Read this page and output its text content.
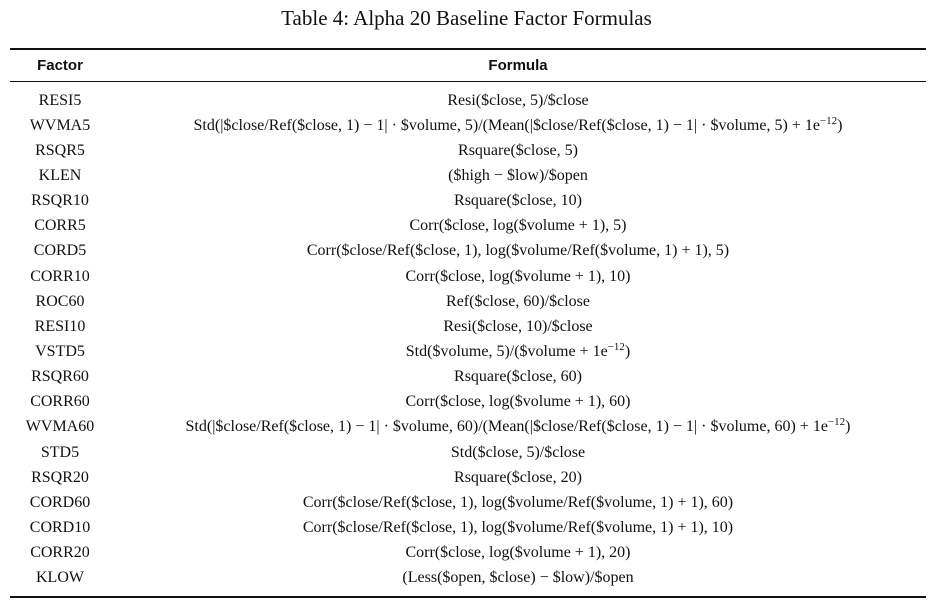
Table 4: Alpha 20 Baseline Factor Formulas
Factor	Formula
RESI5	Resi($close, 5)/$close
WVMA5	Std(|$close/Ref($close, 1) − 1| · $volume, 5)/(Mean(|$close/Ref($close, 1) − 1| · $volume, $5) + 1e^{-12}$)
RSQR5	Rsquare($close, 5)
KLEN	($high − $low)/$open
RSQR10	Rsquare($close, 10)
CORR5	Corr($close, log($volume + 1), 5)
CORD5	Corr($close/Ref($close, 1), log($volume/Ref($volume, 1) + 1), 5)
CORR10	Corr($close, log($volume + 1), 10)
ROC60	Ref($close, 60)/$close
RESI10	Resi($close, 10)/$close
VSTD5	Std($volume, 5)/($volume + $1e^{-12}$)
RSQR60	Rsquare($close, 60)
CORR60	Corr($close, log($volume + 1), 60)
WVMA60	Std(|$close/Ref($close, 1) − 1| · $volume, 60)/(Mean(|$close/Ref($close, 1) − 1| · $volume, $60) + 1e^{-12}$)
STD5	Std($close, 5)/$close
RSQR20	Rsquare($close, 20)
CORD60	Corr($close/Ref($close, 1), log($volume/Ref($volume, 1) + 1), 60)
CORD10	Corr($close/Ref($close, 1), log($volume/Ref($volume, 1) + 1), 10)
CORR20	Corr($close, log($volume + 1), 20)
KLOW	(Less($open, $close) − $low)/$open
